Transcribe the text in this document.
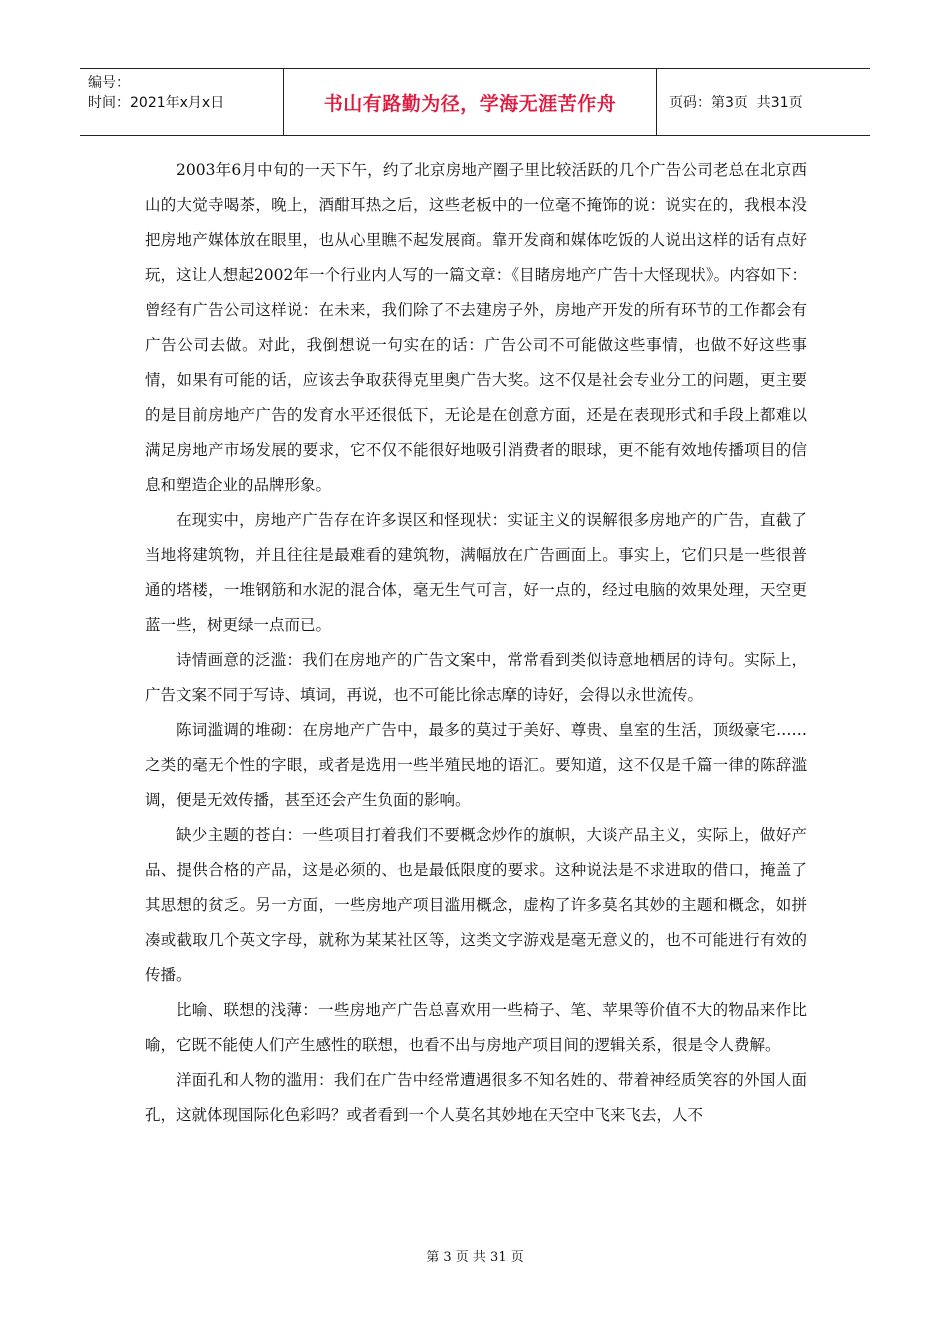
编号：
时间：2021年x月x日	书山有路勤为径，学海无涯苦作舟	页码：第3页  共31页

2003年6月中旬的一天下午，约了北京房地产圈子里比较活跃的几个广告公司老总在北京西山的大觉寺喝茶，晚上，酒酣耳热之后，这些老板中的一位毫不掩饰的说：说实在的，我根本没把房地产媒体放在眼里，也从心里瞧不起发展商。靠开发商和媒体吃饭的人说出这样的话有点好玩，这让人想起2002年一个行业内人写的一篇文章：《目睹房地产广告十大怪现状》。内容如下：曾经有广告公司这样说：在未来，我们除了不去建房子外，房地产开发的所有环节的工作都会有广告公司去做。对此，我倒想说一句实在的话：广告公司不可能做这些事情，也做不好这些事情，如果有可能的话，应该去争取获得克里奥广告大奖。这不仅是社会专业分工的问题，更主要的是目前房地产广告的发育水平还很低下，无论是在创意方面，还是在表现形式和手段上都难以满足房地产市场发展的要求，它不仅不能很好地吸引消费者的眼球，更不能有效地传播项目的信息和塑造企业的品牌形象。

在现实中，房地产广告存在许多误区和怪现状：实证主义的误解很多房地产的广告，直截了当地将建筑物，并且往往是最难看的建筑物，满幅放在广告画面上。事实上，它们只是一些很普通的塔楼，一堆钢筋和水泥的混合体，毫无生气可言，好一点的，经过电脑的效果处理，天空更蓝一些，树更绿一点而已。

诗情画意的泛滥：我们在房地产的广告文案中，常常看到类似诗意地栖居的诗句。实际上，广告文案不同于写诗、填词，再说，也不可能比徐志摩的诗好，会得以永世流传。

陈词滥调的堆砌：在房地产广告中，最多的莫过于美好、尊贵、皇室的生活，顶级豪宅……之类的毫无个性的字眼，或者是选用一些半殖民地的语汇。要知道，这不仅是千篇一律的陈辞滥调，便是无效传播，甚至还会产生负面的影响。

缺少主题的苍白：一些项目打着我们不要概念炒作的旗帜，大谈产品主义，实际上，做好产品、提供合格的产品，这是必须的、也是最低限度的要求。这种说法是不求进取的借口，掩盖了其思想的贫乏。另一方面，一些房地产项目滥用概念，虚构了许多莫名其妙的主题和概念，如拼凑或截取几个英文字母，就称为某某社区等，这类文字游戏是毫无意义的，也不可能进行有效的传播。

比喻、联想的浅薄：一些房地产广告总喜欢用一些椅子、笔、苹果等价值不大的物品来作比喻，它既不能使人们产生感性的联想，也看不出与房地产项目间的逻辑关系，很是令人费解。

洋面孔和人物的滥用：我们在广告中经常遭遇很多不知名姓的、带着神经质笑容的外国人面孔，这就体现国际化色彩吗？或者看到一个人莫名其妙地在天空中飞来飞去，人不

第 3 页 共 31 页
